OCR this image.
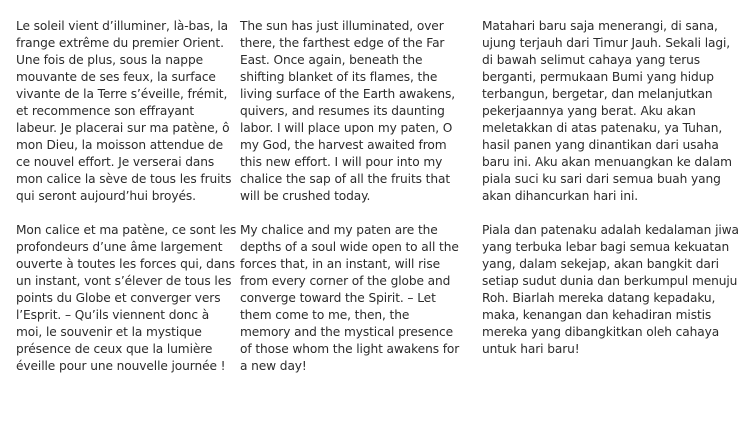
Le soleil vient d’illuminer, là-bas, la frange extrême du premier Orient. Une fois de plus, sous la nappe mouvante de ses feux, la surface vivante de la Terre s’éveille, frémit, et recommence son effrayant labeur. Je placerai sur ma patène, ô mon Dieu, la moisson attendue de ce nouvel effort. Je verserai dans mon calice la sève de tous les fruits qui seront aujourd’hui broyés.

Mon calice et ma patène, ce sont les profondeurs d’une âme largement ouverte à toutes les forces qui, dans un instant, vont s’élever de tous les points du Globe et converger vers l’Esprit. – Qu’ils viennent donc à moi, le souvenir et la mystique présence de ceux que la lumière éveille pour une nouvelle journée !

The sun has just illuminated, over there, the farthest edge of the Far East. Once again, beneath the shifting blanket of its flames, the living surface of the Earth awakens, quivers, and resumes its daunting labor. I will place upon my paten, O my God, the harvest awaited from this new effort. I will pour into my chalice the sap of all the fruits that will be crushed today.

My chalice and my paten are the depths of a soul wide open to all the forces that, in an instant, will rise from every corner of the globe and converge toward the Spirit. – Let them come to me, then, the memory and the mystical presence of those whom the light awakens for a new day!

Matahari baru saja menerangi, di sana, ujung terjauh dari Timur Jauh. Sekali lagi, di bawah selimut cahaya yang terus berganti, permukaan Bumi yang hidup terbangun, bergetar, dan melanjutkan pekerjaannya yang berat. Aku akan meletakkan di atas patenaku, ya Tuhan, hasil panen yang dinantikan dari usaha baru ini. Aku akan menuangkan ke dalam piala suci ku sari dari semua buah yang akan dihancurkan hari ini.

Piala dan patenaku adalah kedalaman jiwa yang terbuka lebar bagi semua kekuatan yang, dalam sekejap, akan bangkit dari setiap sudut dunia dan berkumpul menuju Roh. Biarlah mereka datang kepadaku, maka, kenangan dan kehadiran mistis mereka yang dibangkitkan oleh cahaya untuk hari baru!
